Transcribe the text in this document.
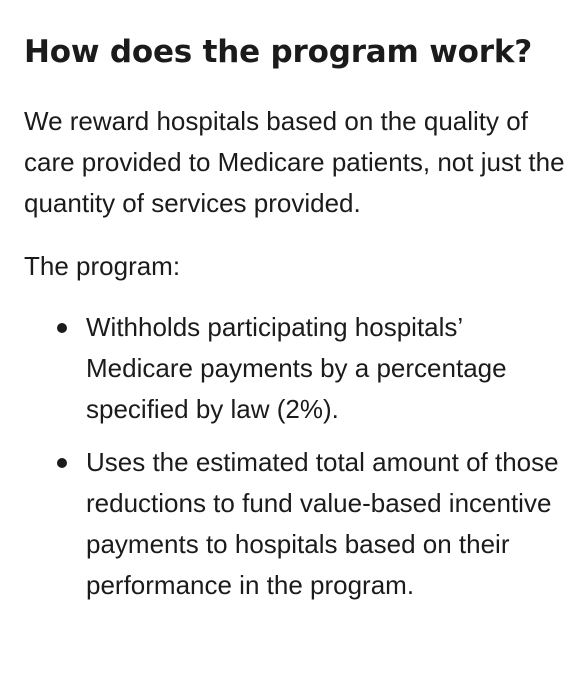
How does the program work?

We reward hospitals based on the quality of care provided to Medicare patients, not just the quantity of services provided.

The program:

Withholds participating hospitals’ Medicare payments by a percentage specified by law (2%).
Uses the estimated total amount of those reductions to fund value-based incentive payments to hospitals based on their performance in the program.
